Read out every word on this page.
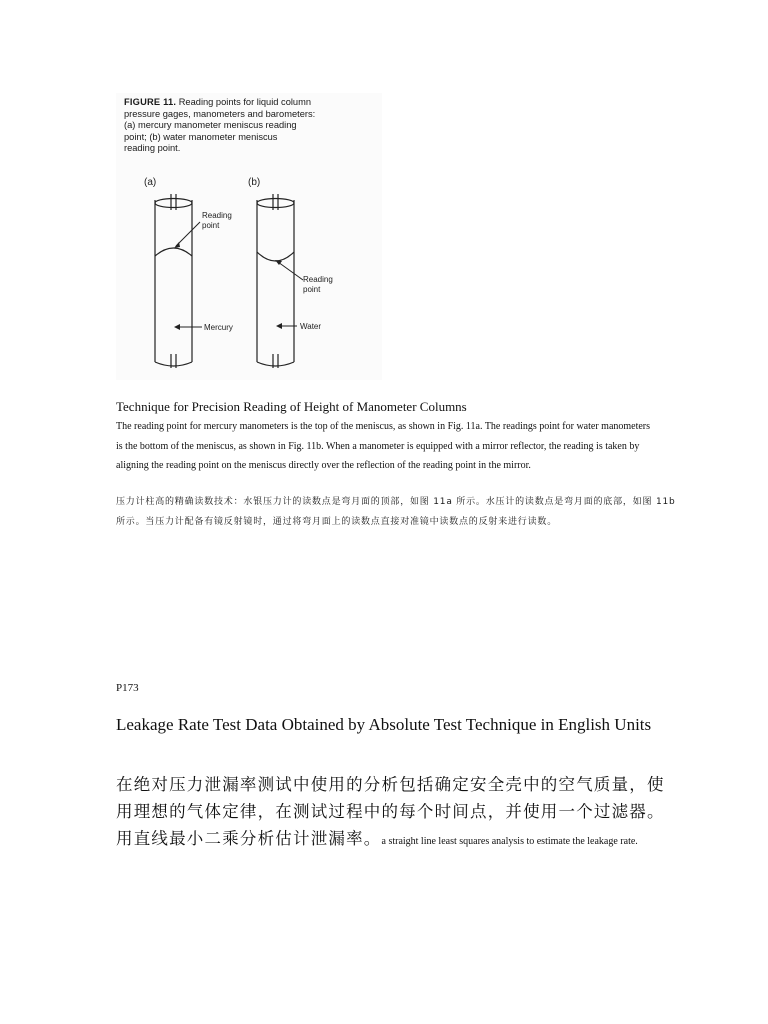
FIGURE 11. Reading points for liquid column
pressure gages, manometers and barometers:
(a) mercury manometer meniscus reading
point; (b) water manometer meniscus
reading point.
(a)	(b)
Reading
point
Reading
point
Mercury	Water
Technique for Precision Reading of Height of Manometer Columns
The reading point for mercury manometers is the top of the meniscus, as shown in Fig. 11a. The readings point for water manometers is the bottom of the meniscus, as shown in Fig. 11b. When a manometer is equipped with a mirror reflector, the reading is taken by aligning the reading point on the meniscus directly over the reflection of the reading point in the mirror.
压力计柱高的精确读数技术：水银压力计的读数点是弯月面的顶部，如图 11a 所示。水压计的读数点是弯月面的底部，如图 11b 所示。当压力计配备有镜反射镜时，通过将弯月面上的读数点直接对准镜中读数点的反射来进行读数。
P173
Leakage Rate Test Data Obtained by Absolute Test Technique in English Units
在绝对压力泄漏率测试中使用的分析包括确定安全壳中的空气质量，使用理想的气体定律，在测试过程中的每个时间点，并使用一个过滤器。 用直线最小二乘分析估计泄漏率。a straight line least squares analysis to estimate the leakage rate.
